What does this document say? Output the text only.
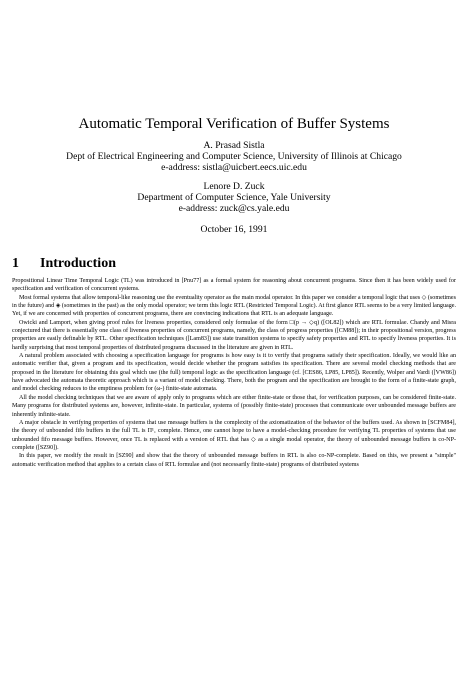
Automatic Temporal Verification of Buffer Systems
A. Prasad Sistla
Dept of Electrical Engineering and Computer Science, University of Illinois at Chicago
e-address: sistla@uicbert.eecs.uic.edu
Lenore D. Zuck
Department of Computer Science, Yale University
e-address: zuck@cs.yale.edu
October 16, 1991
1 Introduction

Propositional Linear Time Temporal Logic (TL) was introduced in [Pnu77] as a formal system for reasoning about concurrent programs. Since then it has been widely used for specification and verification of concurrent systems.

Most formal systems that allow temporal-like reasoning use the eventuality operator as the main modal operator. In this paper we consider a temporal logic that uses ◇ (sometimes in the future) and ◈ (sometimes in the past) as the only modal operator; we term this logic RTL (Restricted Temporal Logic). At first glance RTL seems to be a very limited language. Yet, if we are concerned with properties of concurrent programs, there are convincing indications that RTL is an adequate language.

Owicki and Lamport, when giving proof rules for liveness properties, considered only formulae of the form □(p → ◇q) ([OL82]) which are RTL formulae. Chandy and Misra conjectured that there is essentially one class of liveness properties of concurrent programs, namely, the class of progress properties ([CM88]); in their propositional version, progress properties are easily definable by RTL. Other specification techniques ([Lam83]) use state transition systems to specify safety properties and RTL to specify liveness properties. It is hardly surprising that most temporal properties of distributed programs discussed in the literature are given in RTL.

A natural problem associated with choosing a specification language for programs is how easy is it to verify that programs satisfy their specification. Ideally, we would like an automatic verifier that, given a program and its specification, would decide whether the program satisfies its specification. There are several model checking methods that are proposed in the literature for obtaining this goal which use (the full) temporal logic as the specification language (cf. [CES86, LP85, LP85]). Recently, Wolper and Vardi ([VW86]) have advocated the automata theoretic approach which is a variant of model checking. There, both the program and the specification are brought to the form of a finite-state graph, and model checking reduces to the emptiness problem for (ω-) finite-state automata.

All the model checking techniques that we are aware of apply only to programs which are either finite-state or those that, for verification purposes, can be considered finite-state. Many programs for distributed systems are, however, infinite-state. In particular, systems of (possibly finite-state) processes that communicate over unbounded message buffers are inherently infinite-state.

A major obstacle in verifying properties of systems that use message buffers is the complexity of the axiomatization of the behavior of the buffers used. As shown in [SCFM84], the theory of unbounded fifo buffers in the full TL is Π¹₁ complete. Hence, one cannot hope to have a model-checking procedure for verifying TL properties of systems that use unbounded fifo message buffers. However, once TL is replaced with a version of RTL that has ◇ as a single modal operator, the theory of unbounded message buffers is co-NP-complete ([SZ90]).

In this paper, we modify the result in [SZ90] and show that the theory of unbounded message buffers in RTL is also co-NP-complete. Based on this, we present a "simple" automatic verification method that applies to a certain class of RTL formulae and (not necessarily finite-state) programs of distributed systems
